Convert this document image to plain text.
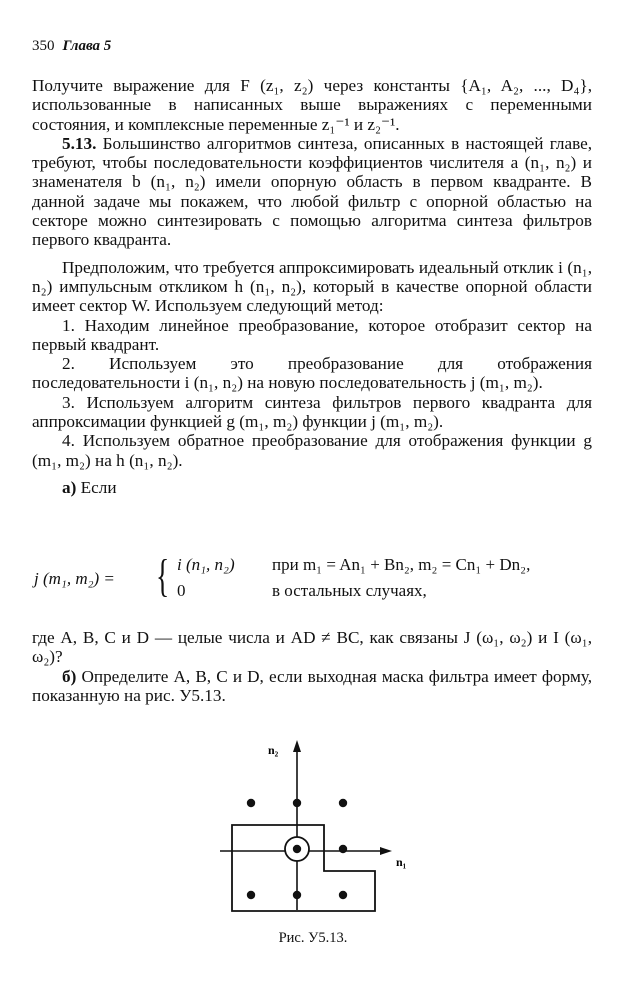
350 Глава 5

Получите выражение для F (z₁, z₂) через константы {A₁, A₂, ..., D₄}, использованные в написанных выше выражениях с переменными состояния, и комплексные переменные z₁⁻¹ и z₂⁻¹.

5.13. Большинство алгоритмов синтеза, описанных в настоящей главе, требуют, чтобы последовательности коэффициентов числителя a (n₁, n₂) и знаменателя b (n₁, n₂) имели опорную область в первом квадранте. В данной задаче мы покажем, что любой фильтр с опорной областью на секторе можно синтезировать с помощью алгоритма синтеза фильтров первого квадранта.

Предположим, что требуется аппроксимировать идеальный отклик i (n₁, n₂) импульсным откликом h (n₁, n₂), который в качестве опорной области имеет сектор W. Используем следующий метод:

1. Находим линейное преобразование, которое отобразит сектор на первый квадрант.

2. Используем это преобразование для отображения последовательности i (n₁, n₂) на новую последовательность j (m₁, m₂).

3. Используем алгоритм синтеза фильтров первого квадранта для аппроксимации функцией g (m₁, m₂) функции j (m₁, m₂).

4. Используем обратное преобразование для отображения функции g (m₁, m₂) на h (n₁, n₂).

а) Если

j (m₁, m₂) = { i (n₁, n₂) при m₁ = An₁ + Bn₂, m₂ = Cn₁ + Dn₂,
0	в остальных случаях,

где A, B, C и D — целые числа и AD ≠ BC, как связаны J (ω₁, ω₂) и I (ω₁, ω₂)?

б) Определите A, B, C и D, если выходная маска фильтра имеет форму, показанную на рис. У5.13.

n₂
n₁
Рис. У5.13.
